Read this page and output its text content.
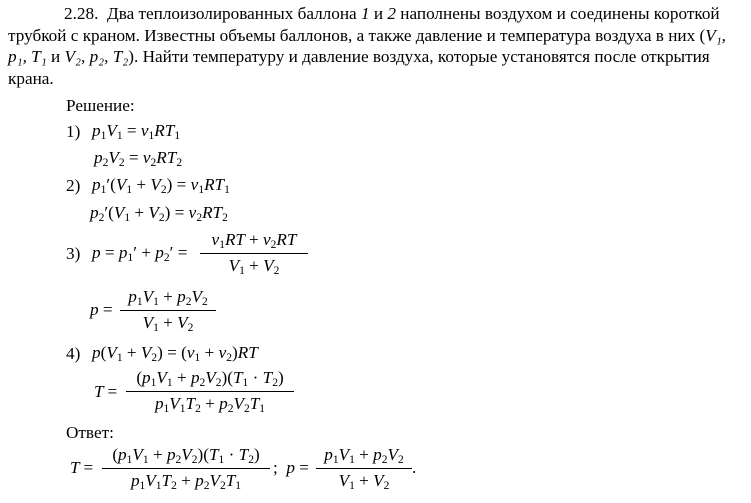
2.28. Два теплоизолированных баллона 1 и 2 наполнены воздухом и соединены короткой трубкой с краном. Известны объемы баллонов, а также давление и температура воздуха в них (V₁, p₁, T₁ и V₂, p₂, T₂). Найти температуру и давление воздуха, которые установятся после открытия крана.
Решение:
1) $p_1V_1 = \nu_1RT_1$
$p_2V_2 = \nu_2RT_2$
2) $p_1'(V_1 + V_2) = \nu_1RT_1$
$p_2'(V_1 + V_2) = \nu_2RT_2$
3) $p = p_1' + p_2'$ =
$\nu_1RT + \nu_2RT$
$V_1 + V_2$
p =
$p_1V_1 + p_2V_2$
$V_1 + V_2$
4) $p(V_1 + V_2) = (\nu_1 + \nu_2)RT$
T =
$(p_1V_1 + p_2V_2)(T_1 \cdot T_2)$
$p_1V_1T_2 + p_2V_2T_1$
Ответ:
T =
$(p_1V_1 + p_2V_2)(T_1 \cdot T_2)$
$p_1V_1T_2 + p_2V_2T_1$
;  p =
$p_1V_1 + p_2V_2$
$V_1 + V_2$
.
